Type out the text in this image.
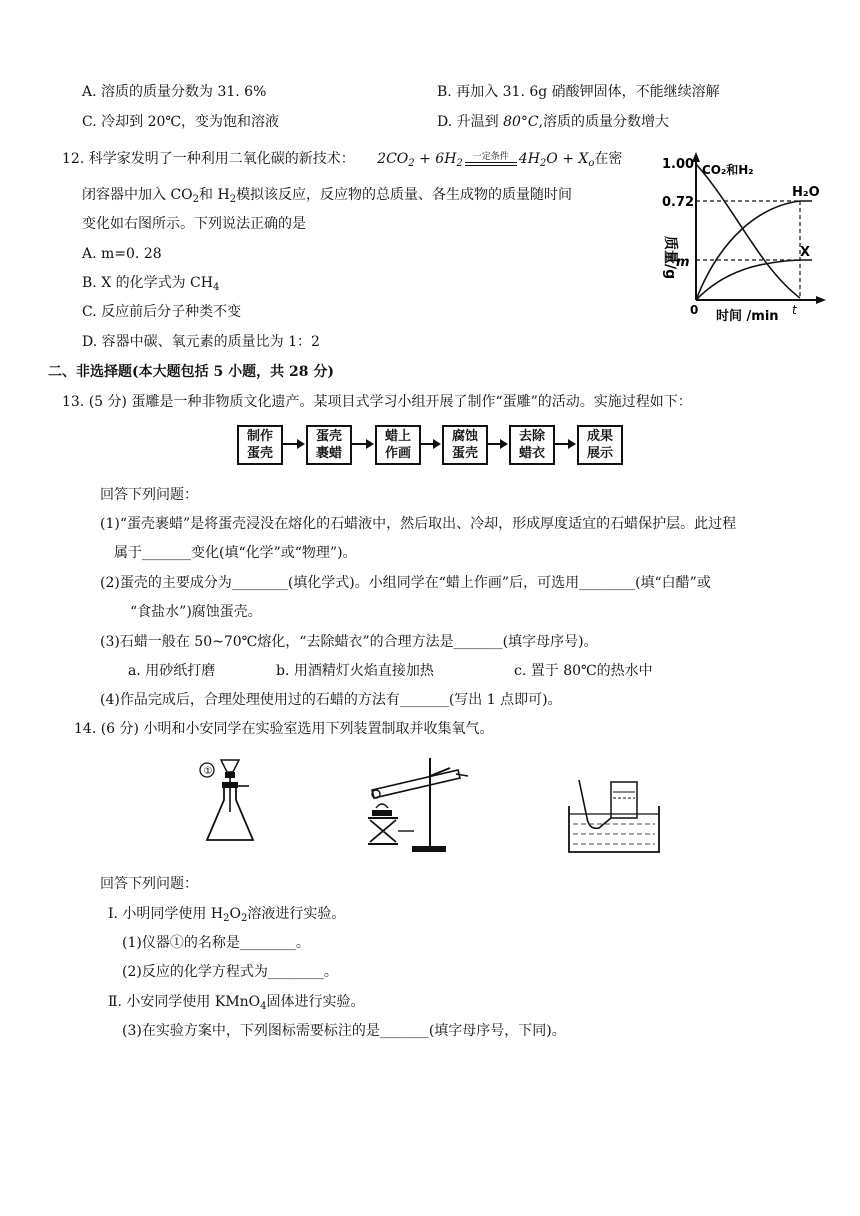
A. 溶质的质量分数为 31. 6%	B. 再加入 31. 6g 硝酸钾固体，不能继续溶解
C. 冷却到 20℃，变为饱和溶液	D. 升温到 80°C,溶质的质量分数增大
12. 科学家发明了一种利用二氧化碳的新技术： $2CO_2 + 6H_2$
一定条件 $4H_2O + X_o$在密
闭容器中加入 $CO_2$和 $H_2$模拟该反应，反应物的总质量、各生成物的质量随时间
变化如右图所示。下列说法正确的是
A. m=0. 28
B. X 的化学式为 $CH_4$
C. 反应前后分子种类不变
D. 容器中碳、氧元素的质量比为 1：2
1.00
0.72
m
质量/g
时间 /min
0	t
CO₂和H₂
H₂O
X
二、非选择题(本大题包括 5 小题，共 28 分)
13. (5 分) 蛋雕是一种非物质文化遗产。某项目式学习小组开展了制作“蛋雕”的活动。实施过程如下：
制作
蛋壳
蛋壳
裹蜡
蜡上
作画
腐蚀
蛋壳
去除
蜡衣
成果
展示
回答下列问题：
(1)“蛋壳裹蜡”是将蛋壳浸没在熔化的石蜡液中，然后取出、冷却，形成厚度适宜的石蜡保护层。此过程
属于_______变化(填“化学”或“物理”)。
(2)蛋壳的主要成分为________(填化学式)。小组同学在“蜡上作画”后，可选用________(填“白醋”或
“食盐水”)腐蚀蛋壳。
(3)石蜡一般在 50~70℃熔化，“去除蜡衣”的合理方法是_______(填字母序号)。
a. 用砂纸打磨	b. 用酒精灯火焰直接加热	c. 置于 80℃的热水中
(4)作品完成后，合理处理使用过的石蜡的方法有_______(写出 1 点即可)。
14. (6 分) 小明和小安同学在实验室选用下列装置制取并收集氧气。
①
回答下列问题：
Ⅰ. 小明同学使用 $H_2O_2$溶液进行实验。
(1)仪器①的名称是________。
(2)反应的化学方程式为________。
Ⅱ. 小安同学使用 KMnO$_4$固体进行实验。
(3)在实验方案中，下列图标需要标注的是_______(填字母序号，下同)。
